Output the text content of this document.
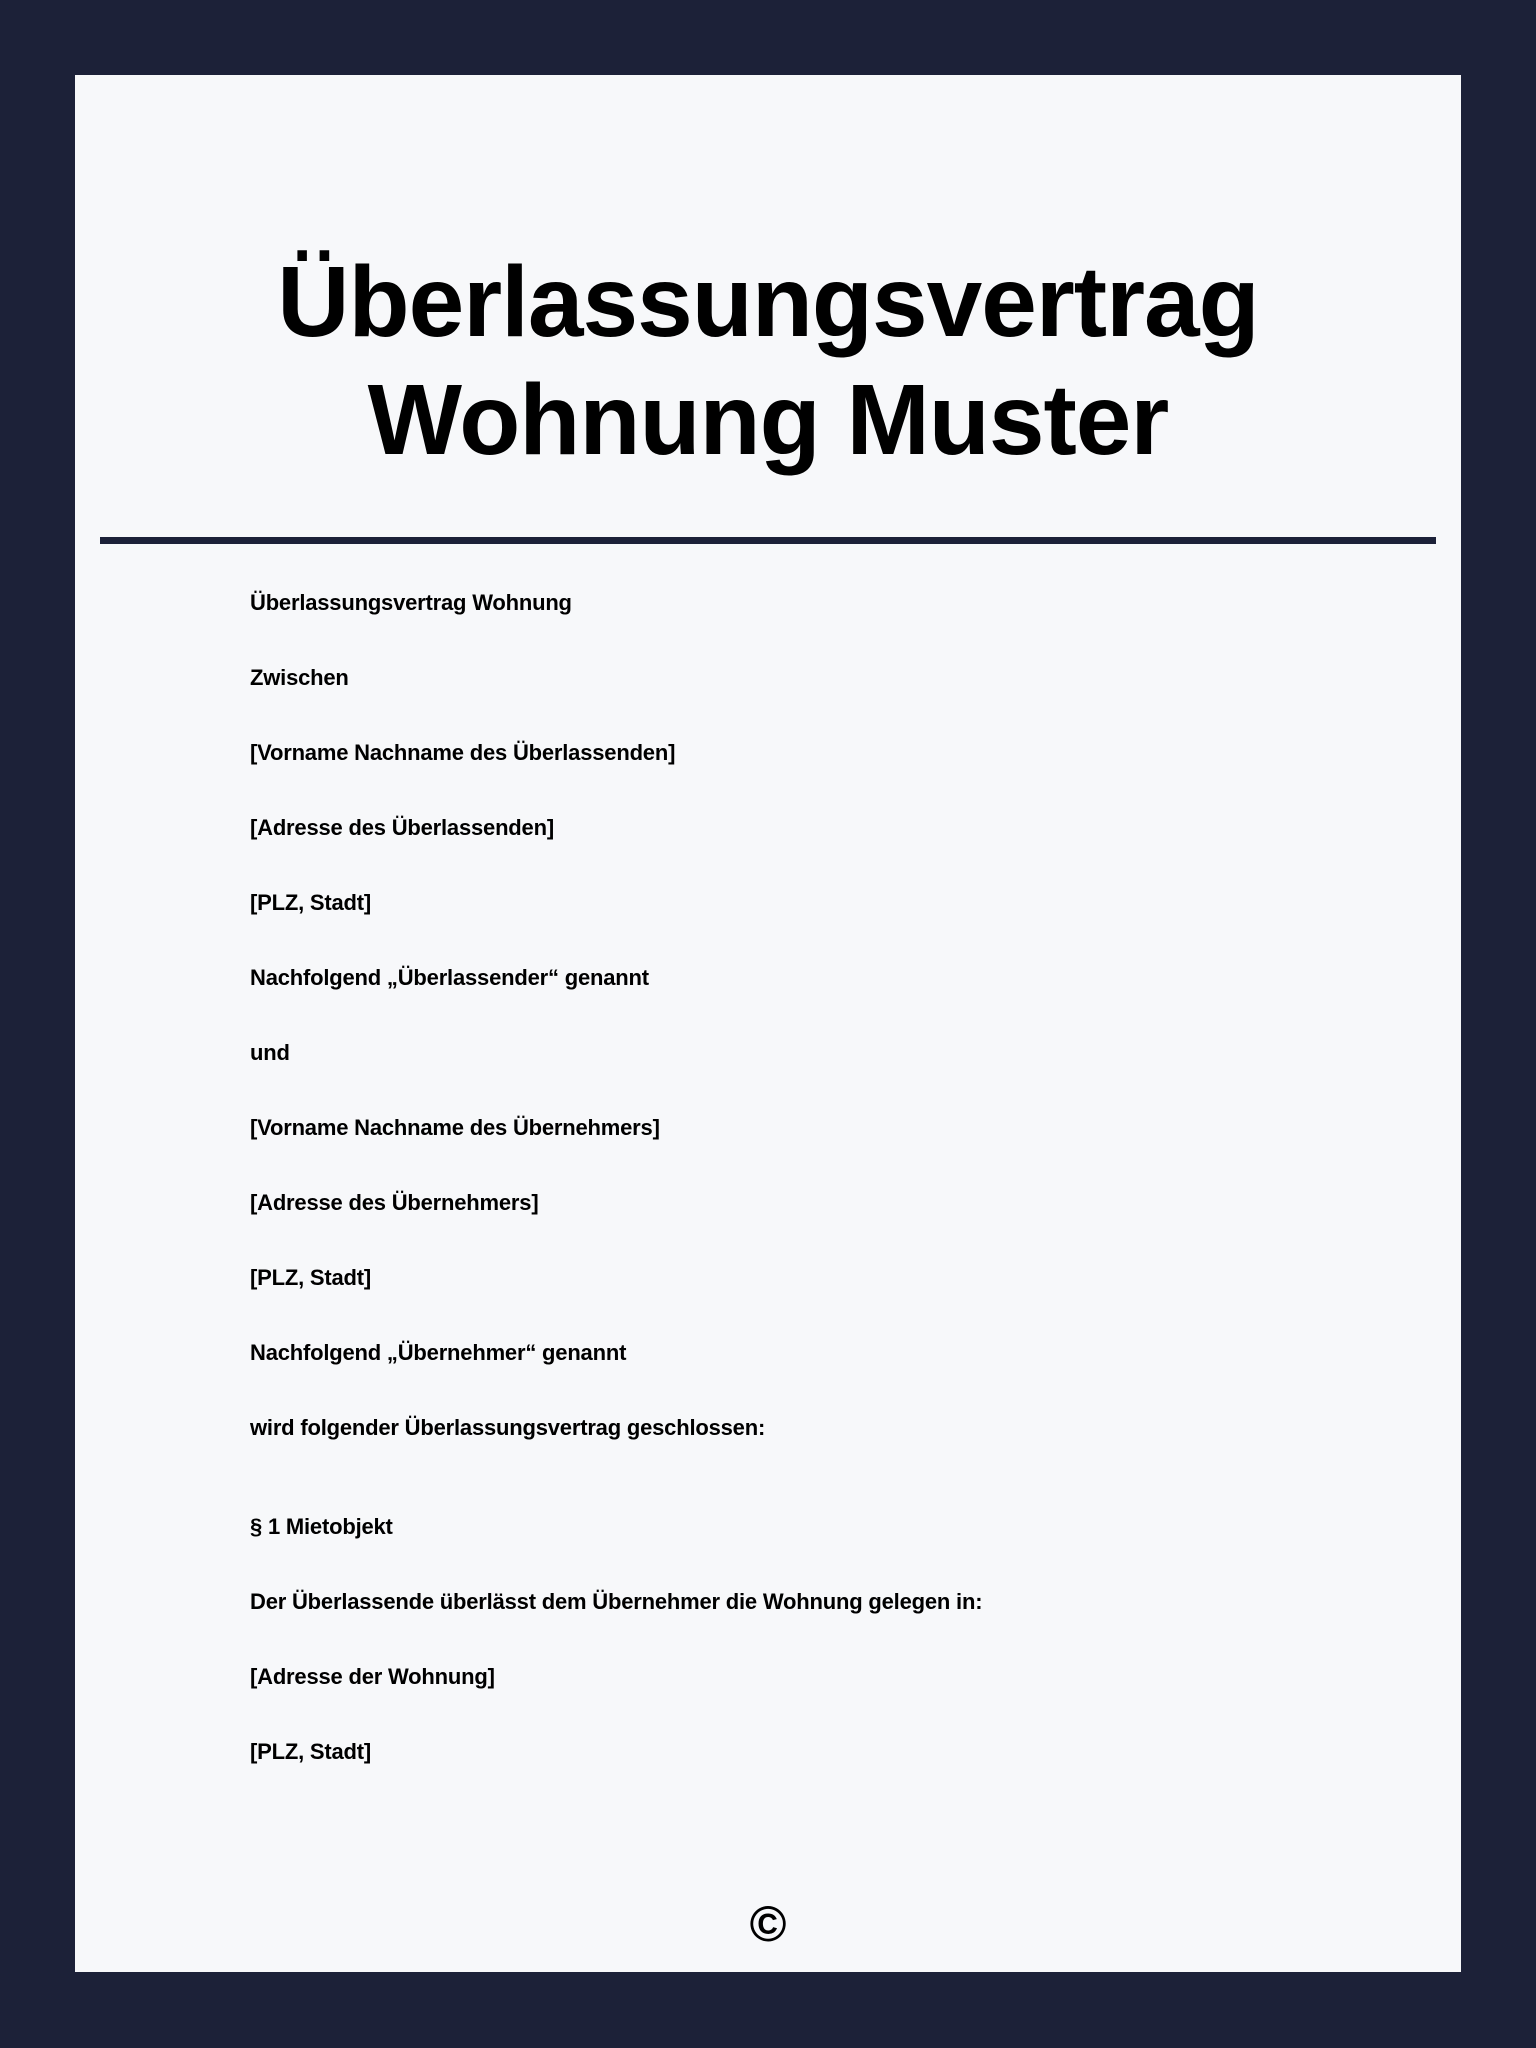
Überlassungsvertrag
Wohnung Muster

Überlassungsvertrag Wohnung

Zwischen

[Vorname Nachname des Überlassenden]

[Adresse des Überlassenden]

[PLZ, Stadt]

Nachfolgend „Überlassender“ genannt

und

[Vorname Nachname des Übernehmers]

[Adresse des Übernehmers]

[PLZ, Stadt]

Nachfolgend „Übernehmer“ genannt

wird folgender Überlassungsvertrag geschlossen:

§ 1 Mietobjekt

Der Überlassende überlässt dem Übernehmer die Wohnung gelegen in:

[Adresse der Wohnung]

[PLZ, Stadt]

©
